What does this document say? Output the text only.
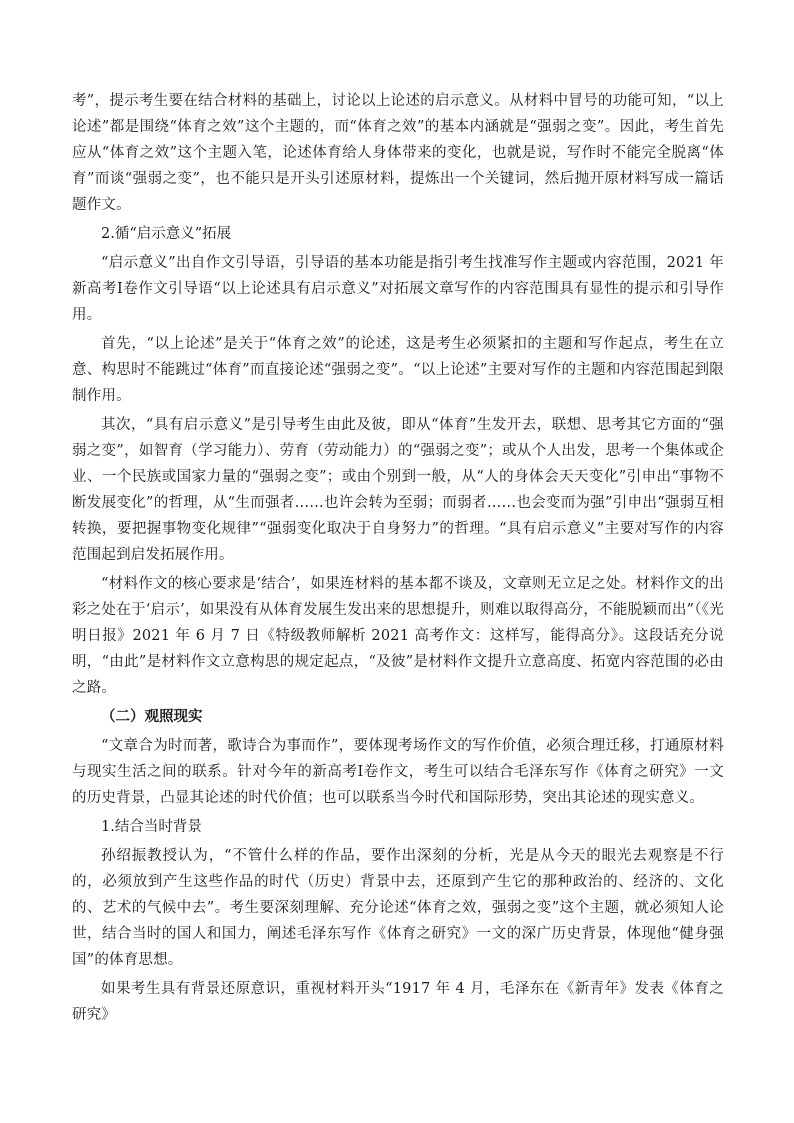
考”，提示考生要在结合材料的基础上，讨论以上论述的启示意义。从材料中冒号的功能可知，“以上论述”都是围绕“体育之效”这个主题的，而“体育之效”的基本内涵就是“强弱之变”。因此，考生首先应从“体育之效”这个主题入笔，论述体育给人身体带来的变化，也就是说，写作时不能完全脱离“体育”而谈“强弱之变”，也不能只是开头引述原材料，提炼出一个关键词，然后抛开原材料写成一篇话题作文。

2.循“启示意义”拓展

“启示意义”出自作文引导语，引导语的基本功能是指引考生找准写作主题或内容范围，2021 年新高考Ⅰ卷作文引导语“以上论述具有启示意义”对拓展文章写作的内容范围具有显性的提示和引导作用。

首先，“以上论述”是关于“体育之效”的论述，这是考生必须紧扣的主题和写作起点，考生在立意、构思时不能跳过“体育”而直接论述“强弱之变”。“以上论述”主要对写作的主题和内容范围起到限制作用。

其次，“具有启示意义”是引导考生由此及彼，即从“体育”生发开去，联想、思考其它方面的“强弱之变”，如智育（学习能力）、劳育（劳动能力）的“强弱之变”；或从个人出发，思考一个集体或企业、一个民族或国家力量的“强弱之变”；或由个别到一般，从“人的身体会天天变化”引申出“事物不断发展变化”的哲理，从“生而强者……也许会转为至弱；而弱者……也会变而为强”引申出“强弱互相转换，要把握事物变化规律”“强弱变化取决于自身努力”的哲理。“具有启示意义”主要对写作的内容范围起到启发拓展作用。

“材料作文的核心要求是‘结合’，如果连材料的基本都不谈及，文章则无立足之处。材料作文的出彩之处在于‘启示’，如果没有从体育发展生发出来的思想提升，则难以取得高分，不能脱颖而出”（《光明日报》2021 年 6 月 7 日《特级教师解析 2021 高考作文：这样写，能得高分》。这段话充分说明，“由此”是材料作文立意构思的规定起点，“及彼”是材料作文提升立意高度、拓宽内容范围的必由之路。

（二）观照现实

“文章合为时而著，歌诗合为事而作”，要体现考场作文的写作价值，必须合理迁移，打通原材料与现实生活之间的联系。针对今年的新高考Ⅰ卷作文，考生可以结合毛泽东写作《体育之研究》一文的历史背景，凸显其论述的时代价值；也可以联系当今时代和国际形势，突出其论述的现实意义。

1.结合当时背景

孙绍振教授认为，“不管什么样的作品，要作出深刻的分析，光是从今天的眼光去观察是不行的，必须放到产生这些作品的时代（历史）背景中去，还原到产生它的那种政治的、经济的、文化的、艺术的气候中去”。考生要深刻理解、充分论述“体育之效，强弱之变”这个主题，就必须知人论世，结合当时的国人和国力，阐述毛泽东写作《体育之研究》一文的深广历史背景，体现他“健身强国”的体育思想。

如果考生具有背景还原意识，重视材料开头“1917 年 4 月，毛泽东在《新青年》发表《体育之研究》
